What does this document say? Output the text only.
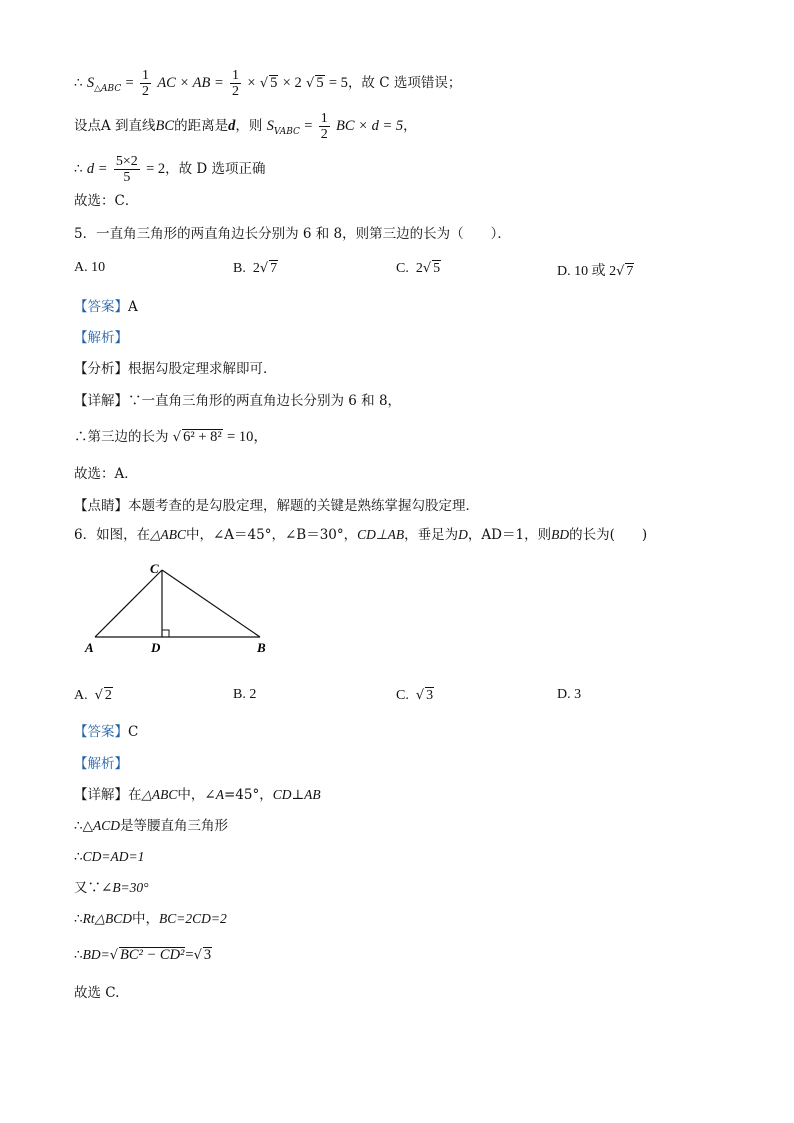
∴ $S_{\triangle ABC} = \frac{1}{2}$ AC × AB = $\frac{1}{2}$ × √ 5 × 2 √ 5 = 5，故 C 选项错误；
设点A 到直线BC的距离是d，则 $S_{VABC} = \frac{1}{2}$ BC × d = 5，
∴ $d = \frac{5\times 2}{5} = 2$，故 D 选项正确
故选：C．
5．一直角三角形的两直角边长分别为 6 和 8，则第三边的长为（　　）．
A. 10	B. 2√ 7	C. 2√ 5	D. 10 或 2√ 7
【答案】A
【解析】
【分析】根据勾股定理求解即可．
【详解】∵一直角三角形的两直角边长分别为 6 和 8，
∴第三边的长为 √ 6² + 8² = 10，
故选：A．
【点睛】本题考查的是勾股定理，解题的关键是熟练掌握勾股定理．
6．如图，在△ABC中，∠A＝45°，∠B＝30°，CD⊥AB，垂足为D，AD＝1，则BD的长为(　　)
C
A	D	B
A. √ 2	B. 2	C. √ 3	D. 3
【答案】C
【解析】
【详解】在△ABC中，∠A=45°，CD⊥AB
∴△ACD是等腰直角三角形
∴CD=AD=1
又∵∠B=30°
∴Rt△BCD中，BC=2CD=2
∴BD=√ BC² − CD²=√ 3
故选 C.
